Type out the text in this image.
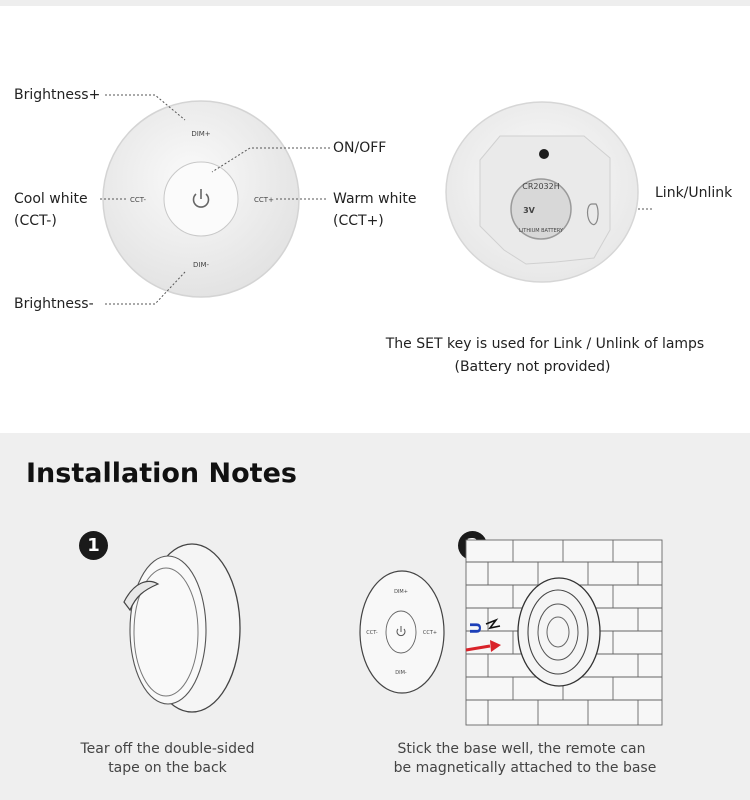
DIM+
DIM-
CCT-	CCT+
Brightness+
ON/OFF
Cool white
(CCT-)
Warm white
(CCT+)
Brightness-
CR2032H
3V
LITHIUM BATTERY
Link/Unlink
The SET key is used for Link / Unlink of lamps
(Battery not provided)
Installation Notes
1
Tear off the double-sided
tape on the back
DIM+
DIM-
CCT-	CCT+ U
Stick the base well, the remote can
be magnetically attached to the base
